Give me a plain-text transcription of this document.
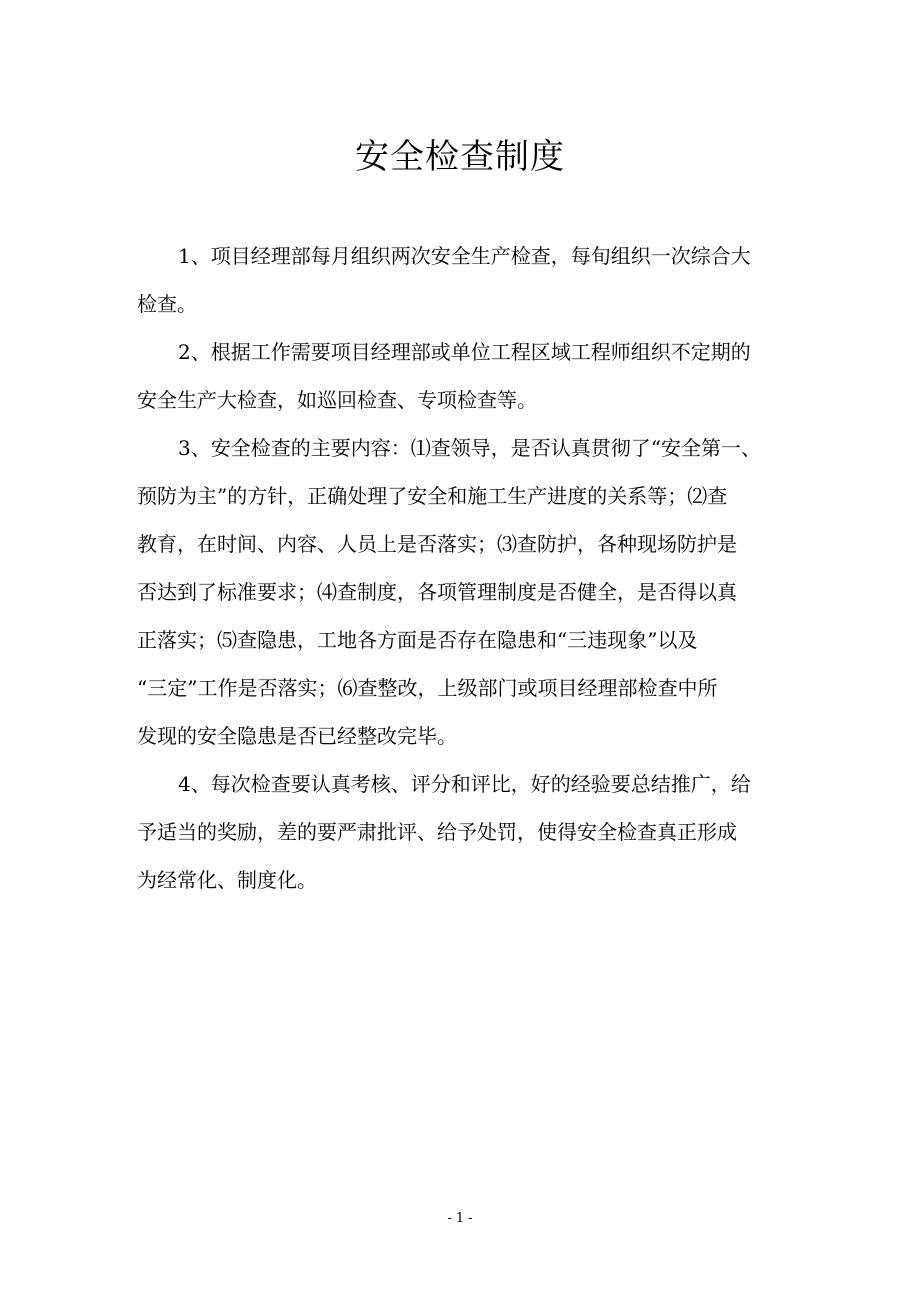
安全检查制度
1、项目经理部每月组织两次安全生产检查，每旬组织一次综合大
检查。
2、根据工作需要项目经理部或单位工程区域工程师组织不定期的
安全生产大检查，如巡回检查、专项检查等。
3、安全检查的主要内容：⑴查领导，是否认真贯彻了“安全第一、
预防为主”的方针，正确处理了安全和施工生产进度的关系等；⑵查
教育，在时间、内容、人员上是否落实；⑶查防护，各种现场防护是
否达到了标准要求；⑷查制度，各项管理制度是否健全，是否得以真
正落实；⑸查隐患，工地各方面是否存在隐患和“三违现象”以及
“三定”工作是否落实；⑹查整改，上级部门或项目经理部检查中所
发现的安全隐患是否已经整改完毕。
4、每次检查要认真考核、评分和评比，好的经验要总结推广，给
予适当的奖励，差的要严肃批评、给予处罚，使得安全检查真正形成
为经常化、制度化。
- 1 -
